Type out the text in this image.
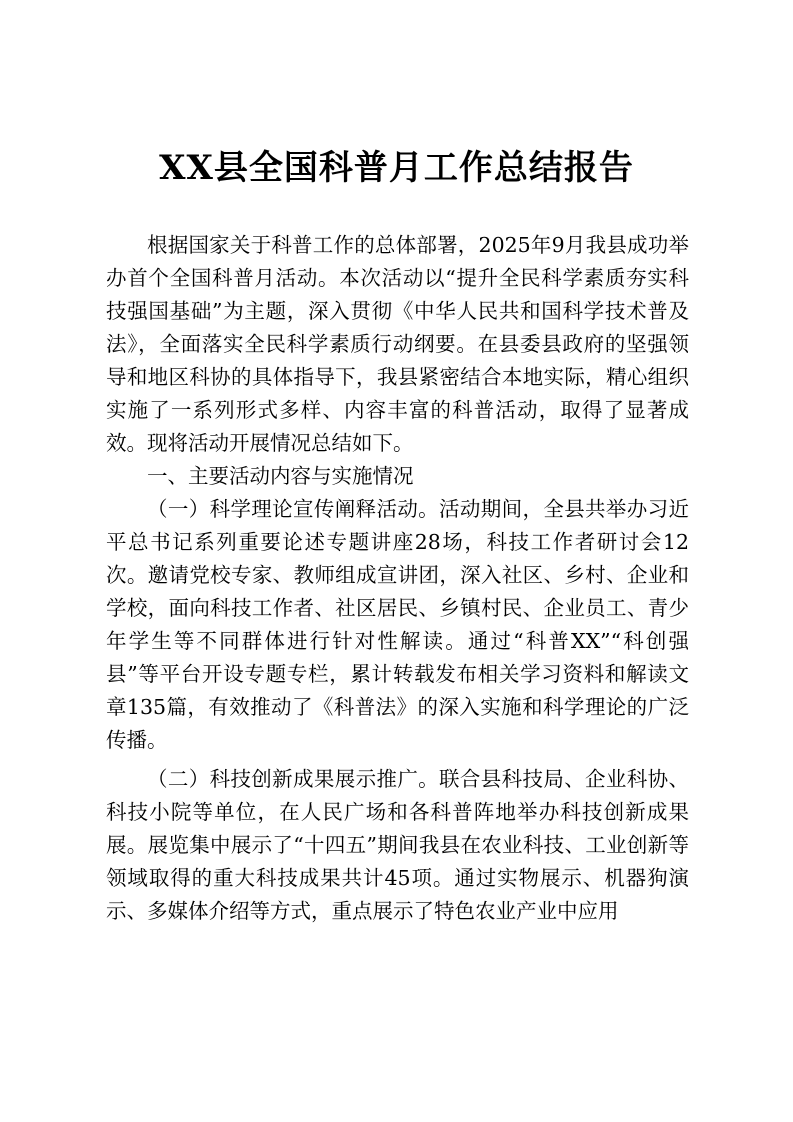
XX县全国科普月工作总结报告

根据国家关于科普工作的总体部署，2025年9月我县成功举办首个全国科普月活动。本次活动以“提升全民科学素质夯实科技强国基础”为主题，深入贯彻《中华人民共和国科学技术普及法》，全面落实全民科学素质行动纲要。在县委县政府的坚强领导和地区科协的具体指导下，我县紧密结合本地实际，精心组织实施了一系列形式多样、内容丰富的科普活动，取得了显著成效。现将活动开展情况总结如下。

一、主要活动内容与实施情况

（一）科学理论宣传阐释活动。活动期间，全县共举办习近平总书记系列重要论述专题讲座28场，科技工作者研讨会12次。邀请党校专家、教师组成宣讲团，深入社区、乡村、企业和学校，面向科技工作者、社区居民、乡镇村民、企业员工、青少年学生等不同群体进行针对性解读。通过“科普XX”“科创强县”等平台开设专题专栏，累计转载发布相关学习资料和解读文章135篇，有效推动了《科普法》的深入实施和科学理论的广泛传播。

（二）科技创新成果展示推广。联合县科技局、企业科协、科技小院等单位，在人民广场和各科普阵地举办科技创新成果展。展览集中展示了“十四五”期间我县在农业科技、工业创新等领域取得的重大科技成果共计45项。通过实物展示、机器狗演示、多媒体介绍等方式，重点展示了特色农业产业中应用
